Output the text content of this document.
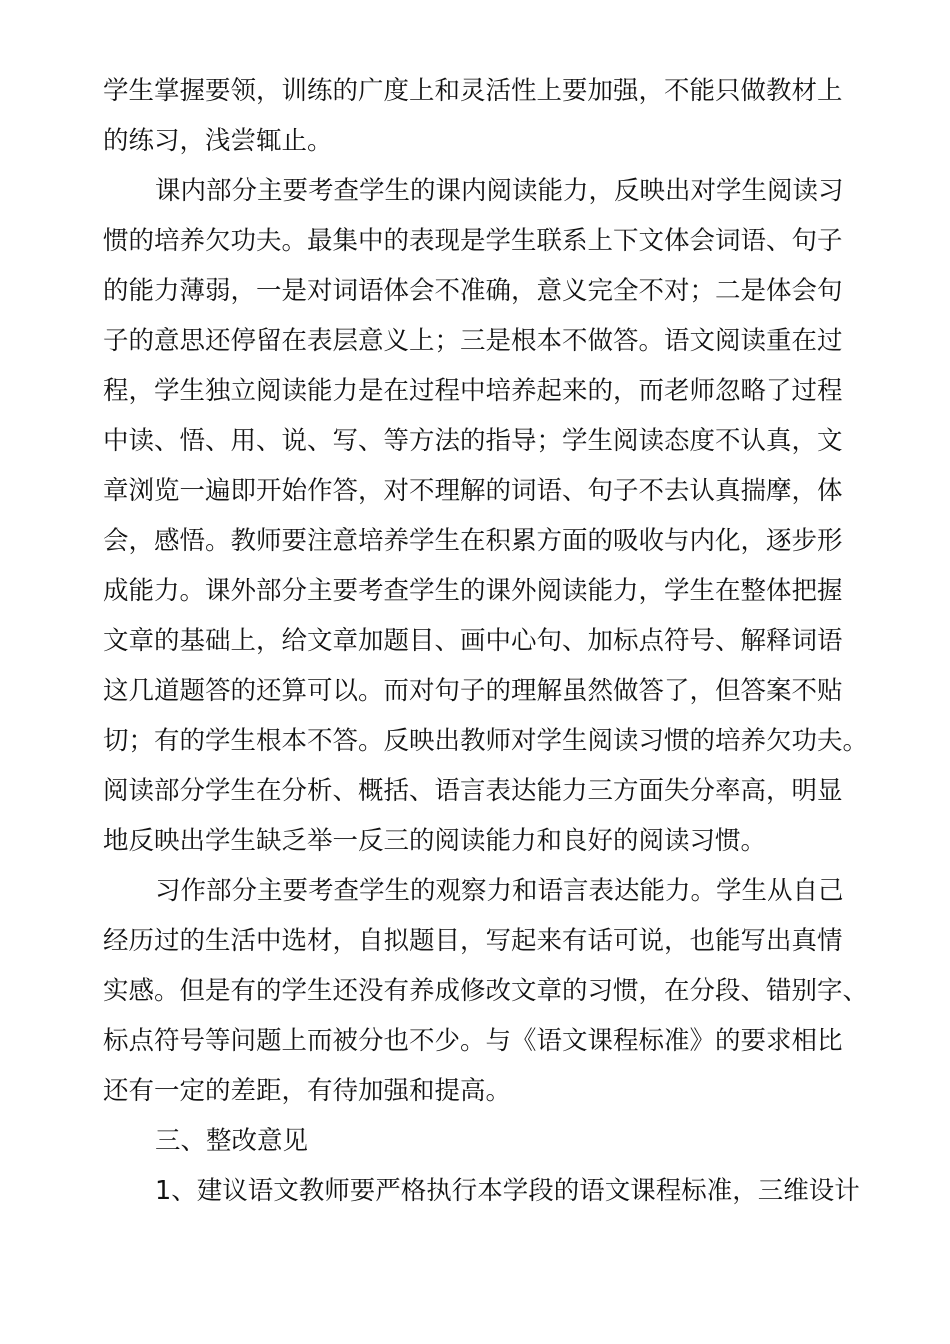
学生掌握要领，训练的广度上和灵活性上要加强，不能只做教材上
的练习，浅尝辄止。

课内部分主要考查学生的课内阅读能力，反映出对学生阅读习
惯的培养欠功夫。最集中的表现是学生联系上下文体会词语、句子
的能力薄弱，一是对词语体会不准确，意义完全不对；二是体会句
子的意思还停留在表层意义上；三是根本不做答。语文阅读重在过
程，学生独立阅读能力是在过程中培养起来的，而老师忽略了过程
中读、悟、用、说、写、等方法的指导；学生阅读态度不认真，文
章浏览一遍即开始作答，对不理解的词语、句子不去认真揣摩，体
会，感悟。教师要注意培养学生在积累方面的吸收与内化，逐步形
成能力。课外部分主要考查学生的课外阅读能力，学生在整体把握
文章的基础上，给文章加题目、画中心句、加标点符号、解释词语
这几道题答的还算可以。而对句子的理解虽然做答了，但答案不贴
切；有的学生根本不答。反映出教师对学生阅读习惯的培养欠功夫。
阅读部分学生在分析、概括、语言表达能力三方面失分率高，明显
地反映出学生缺乏举一反三的阅读能力和良好的阅读习惯。

习作部分主要考查学生的观察力和语言表达能力。学生从自己
经历过的生活中选材，自拟题目，写起来有话可说，也能写出真情
实感。但是有的学生还没有养成修改文章的习惯，在分段、错别字、
标点符号等问题上而被分也不少。与《语文课程标准》的要求相比
还有一定的差距，有待加强和提高。

三、整改意见

1、建议语文教师要严格执行本学段的语文课程标准，三维设计
